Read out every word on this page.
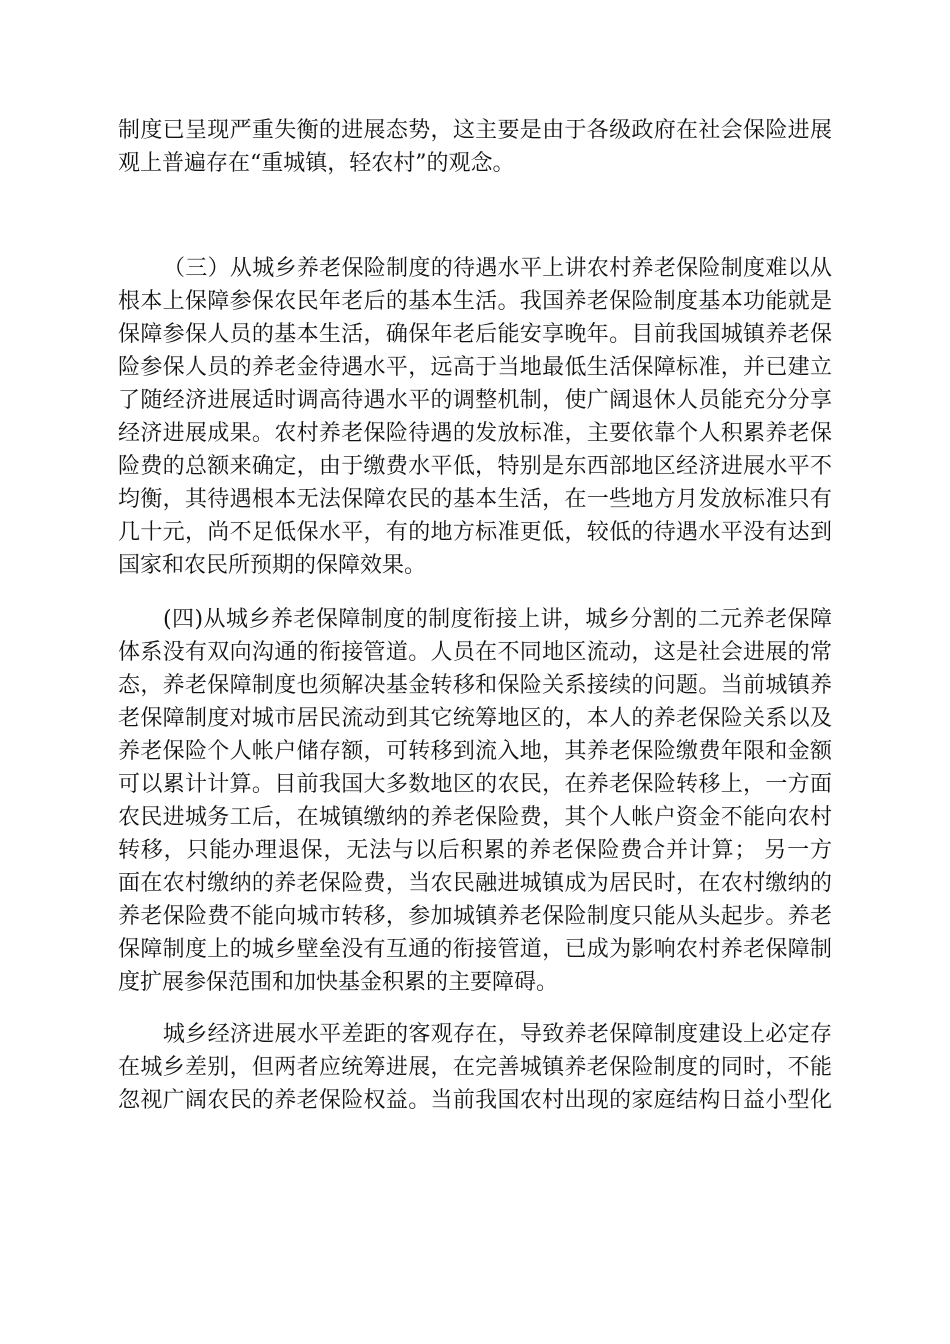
制度已呈现严重失衡的进展态势，这主要是由于各级政府在社会保险进展
观上普遍存在“重城镇，轻农村”的观念。
（三）从城乡养老保险制度的待遇水平上讲农村养老保险制度难以从
根本上保障参保农民年老后的基本生活。我国养老保险制度基本功能就是
保障参保人员的基本生活，确保年老后能安享晚年。目前我国城镇养老保
险参保人员的养老金待遇水平，远高于当地最低生活保障标准，并已建立
了随经济进展适时调高待遇水平的调整机制，使广阔退休人员能充分分享
经济进展成果。农村养老保险待遇的发放标准，主要依靠个人积累养老保
险费的总额来确定，由于缴费水平低，特别是东西部地区经济进展水平不
均衡，其待遇根本无法保障农民的基本生活，在一些地方月发放标准只有
几十元，尚不足低保水平，有的地方标准更低，较低的待遇水平没有达到
国家和农民所预期的保障效果。
(四)从城乡养老保障制度的制度衔接上讲，城乡分割的二元养老保障
体系没有双向沟通的衔接管道。人员在不同地区流动，这是社会进展的常
态，养老保障制度也须解决基金转移和保险关系接续的问题。当前城镇养
老保障制度对城市居民流动到其它统筹地区的，本人的养老保险关系以及
养老保险个人帐户储存额，可转移到流入地，其养老保险缴费年限和金额
可以累计计算。目前我国大多数地区的农民，在养老保险转移上，一方面
农民进城务工后，在城镇缴纳的养老保险费，其个人帐户资金不能向农村
转移，只能办理退保，无法与以后积累的养老保险费合并计算； 另一方
面在农村缴纳的养老保险费，当农民融进城镇成为居民时，在农村缴纳的
养老保险费不能向城市转移，参加城镇养老保险制度只能从头起步。养老
保障制度上的城乡壁垒没有互通的衔接管道，已成为影响农村养老保障制
度扩展参保范围和加快基金积累的主要障碍。
城乡经济进展水平差距的客观存在，导致养老保障制度建设上必定存
在城乡差别，但两者应统筹进展，在完善城镇养老保险制度的同时，不能
忽视广阔农民的养老保险权益。当前我国农村出现的家庭结构日益小型化
